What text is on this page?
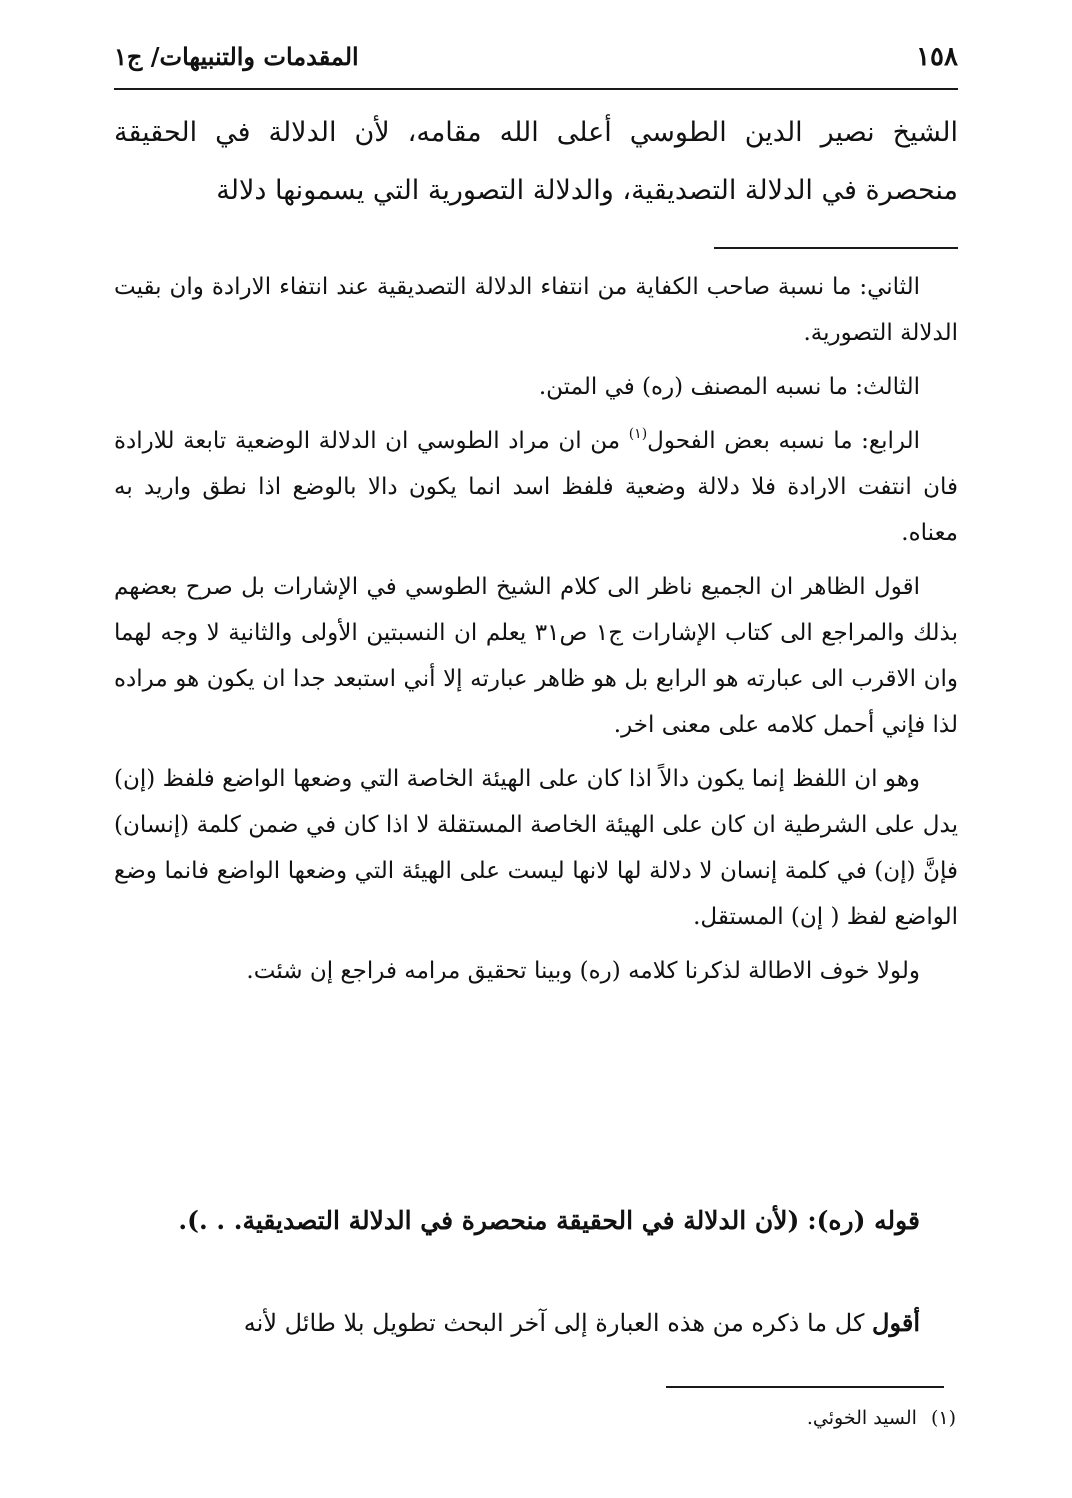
١٥٨
المقدمات والتنبيهات/ ج١

الشيخ نصير الدين الطوسي أعلى الله مقامه، لأن الدلالة في الحقيقة منحصرة في الدلالة التصديقية، والدلالة التصورية التي يسمونها دلالة

الثاني: ما نسبة صاحب الكفاية من انتفاء الدلالة التصديقية عند انتفاء الارادة وان بقيت الدلالة التصورية.

الثالث: ما نسبه المصنف (ره) في المتن.

الرابع: ما نسبه بعض الفحول$^{(١)}$ من ان مراد الطوسي ان الدلالة الوضعية تابعة للارادة فان انتفت الارادة فلا دلالة وضعية فلفظ اسد انما يكون دالا بالوضع اذا نطق واريد به معناه.

اقول الظاهر ان الجميع ناظر الى كلام الشيخ الطوسي في الإشارات بل صرح بعضهم بذلك والمراجع الى كتاب الإشارات ج١ ص٣١ يعلم ان النسبتين الأولى والثانية لا وجه لهما وان الاقرب الى عبارته هو الرابع بل هو ظاهر عبارته إلا أني استبعد جدا ان يكون هو مراده لذا فإني أحمل كلامه على معنى اخر.

وهو ان اللفظ إنما يكون دالاً اذا كان على الهيئة الخاصة التي وضعها الواضع فلفظ (إن) يدل على الشرطية ان كان على الهيئة الخاصة المستقلة لا اذا كان في ضمن كلمة (إنسان) فإنَّ (إن) في كلمة إنسان لا دلالة لها لانها ليست على الهيئة التي وضعها الواضع فانما وضع الواضع لفظ ( إن) المستقل.

ولولا خوف الاطالة لذكرنا كلامه (ره) وبينا تحقيق مرامه فراجع إن شئت.

قوله (ره): (لأن الدلالة في الحقيقة منحصرة في الدلالة التصديقية. . .).

أقول كل ما ذكره من هذه العبارة إلى آخر البحث تطويل بلا طائل لأنه

(١)السيد الخوئي.
